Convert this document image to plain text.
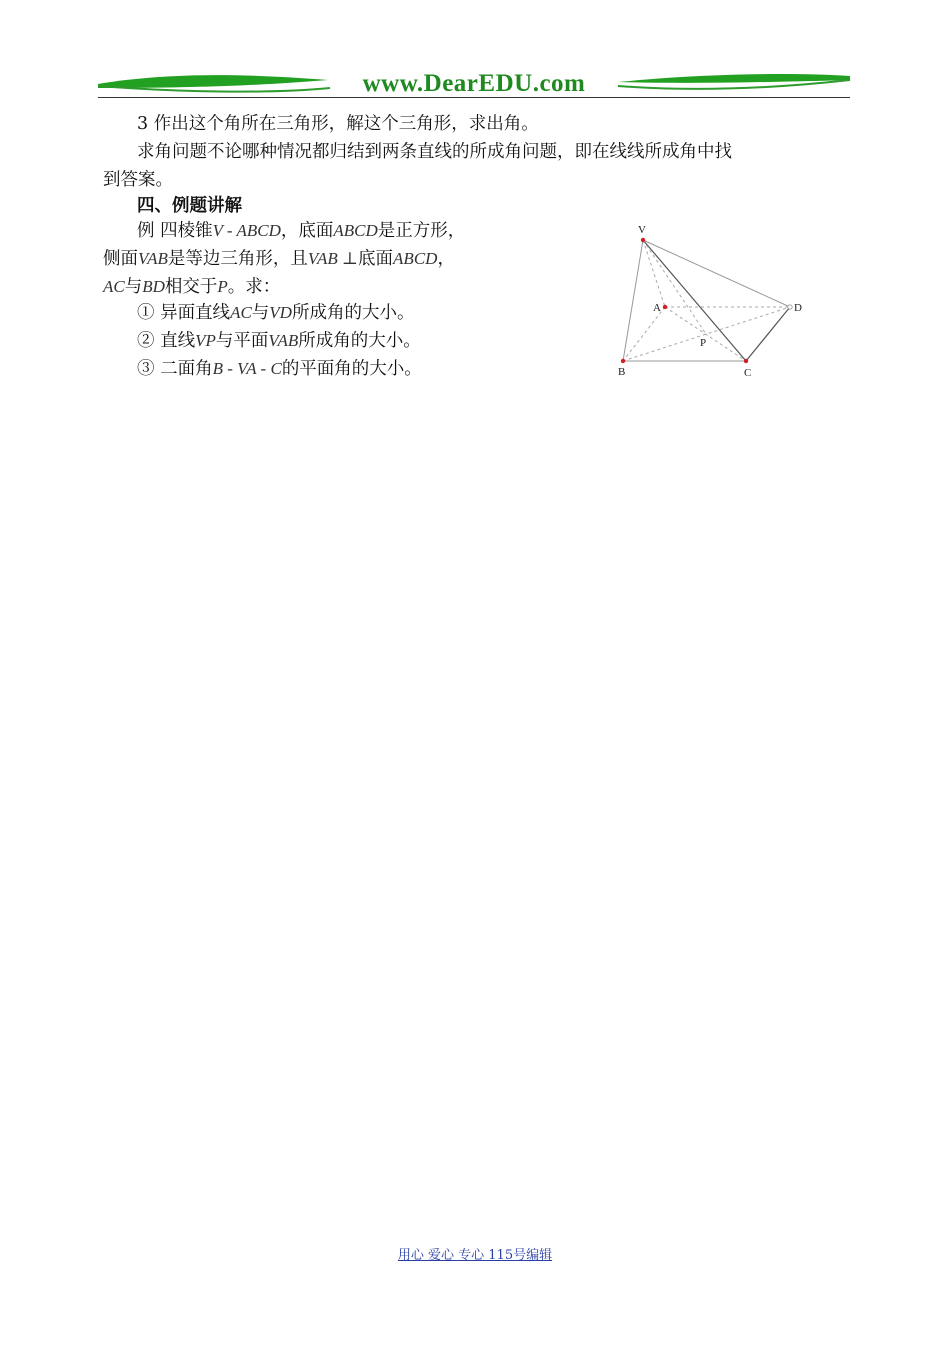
www.DearEDU.com
3 作出这个角所在三角形，解这个三角形，求出角。
求角问题不论哪种情况都归结到两条直线的所成角问题，即在线线所成角中找
到答案。
四、例题讲解
例 四棱锥V - ABCD，底面ABCD是正方形，
侧面VAB是等边三角形，且VAB ⊥底面ABCD，
AC与BD相交于P。求：
① 异面直线AC与VD所成角的大小。
② 直线VP与平面VAB所成角的大小。
③ 二面角B - VA - C的平面角的大小。
V
A	D
P
B	C
用心 爱心 专心 115号编辑
